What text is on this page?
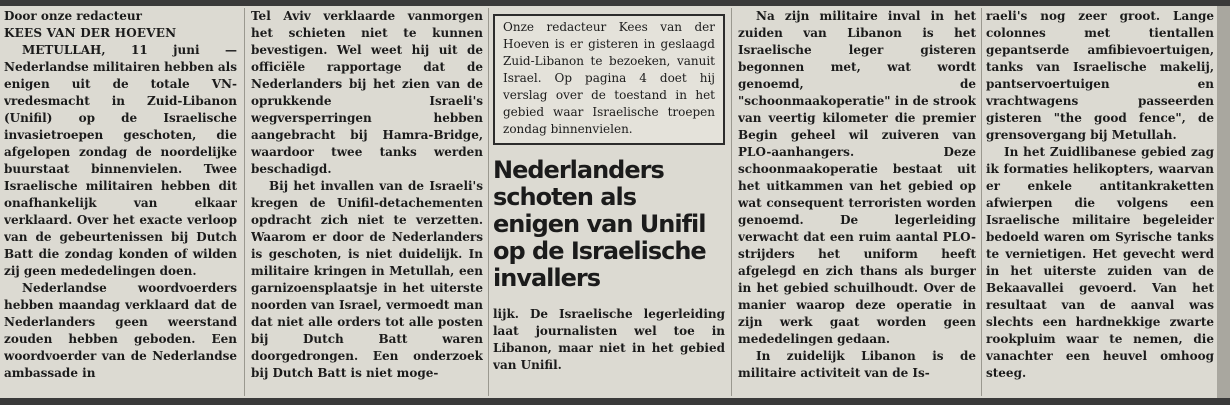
Door onze redacteur

KEES VAN DER HOEVEN

METULLAH, 11 juni — Nederlandse militairen hebben als enigen uit de totale VN-vredesmacht in Zuid-Libanon (Unifil) op de Israelische invasietroepen geschoten, die afgelopen zondag de noordelijke buurstaat binnenvielen. Twee Israelische militairen hebben dit onafhankelijk van elkaar verklaard. Over het exacte verloop van de gebeurtenissen bij Dutch Batt die zondag konden of wilden zij geen mededelingen doen.

Nederlandse woordvoerders hebben maandag verklaard dat de Nederlanders geen weerstand zouden hebben geboden. Een woordvoerder van de Nederlandse ambassade in

Tel Aviv verklaarde vanmorgen het schieten niet te kunnen bevestigen. Wel weet hij uit de officiële rapportage dat de Nederlanders bij het zien van de oprukkende Israeli's wegversperringen hebben aangebracht bij Hamra-Bridge, waardoor twee tanks werden beschadigd.

Bij het invallen van de Israeli's kregen de Unifil-detachementen opdracht zich niet te verzetten. Waarom er door de Nederlanders is geschoten, is niet duidelijk. In militaire kringen in Metullah, een garnizoensplaatsje in het uiterste noorden van Israel, vermoedt man dat niet alle orders tot alle posten bij Dutch Batt waren doorgedrongen. Een onderzoek bij Dutch Batt is niet moge-

Onze redacteur Kees van der Hoeven is er gisteren in geslaagd Zuid-Libanon te bezoeken, vanuit Israel. Op pagina 4 doet hij verslag over de toestand in het gebied waar Israelische troepen zondag binnenvielen.

Nederlanders
schoten als
enigen van Unifil
op de Israelische
invallers

lijk. De Israelische legerleiding laat journalisten wel toe in Libanon, maar niet in het gebied van Unifil.

Na zijn militaire inval in het zuiden van Libanon is het Israelische leger gisteren begonnen met, wat wordt genoemd, de "schoonmaakoperatie" in de strook van veertig kilometer die premier Begin geheel wil zuiveren van PLO-aanhangers. Deze schoonmaakoperatie bestaat uit het uitkammen van het gebied op wat consequent terroristen worden genoemd. De legerleiding verwacht dat een ruim aantal PLO-strijders het uniform heeft afgelegd en zich thans als burger in het gebied schuilhoudt. Over de manier waarop deze operatie in zijn werk gaat worden geen mededelingen gedaan.

In zuidelijk Libanon is de militaire activiteit van de Is-

raeli's nog zeer groot. Lange colonnes met tientallen gepantserde amfibievoertuigen, tanks van Israelische makelij, pantservoertuigen en vrachtwagens passeerden gisteren "the good fence", de grensovergang bij Metullah.

In het Zuidlibanese gebied zag ik formaties helikopters, waarvan er enkele antitankraketten afwierpen die volgens een Israelische militaire begeleider bedoeld waren om Syrische tanks te vernietigen. Het gevecht werd in het uiterste zuiden van de Bekaavallei gevoerd. Van het resultaat van de aanval was slechts een hardnekkige zwarte rookpluim waar te nemen, die vanachter een heuvel omhoog steeg.
